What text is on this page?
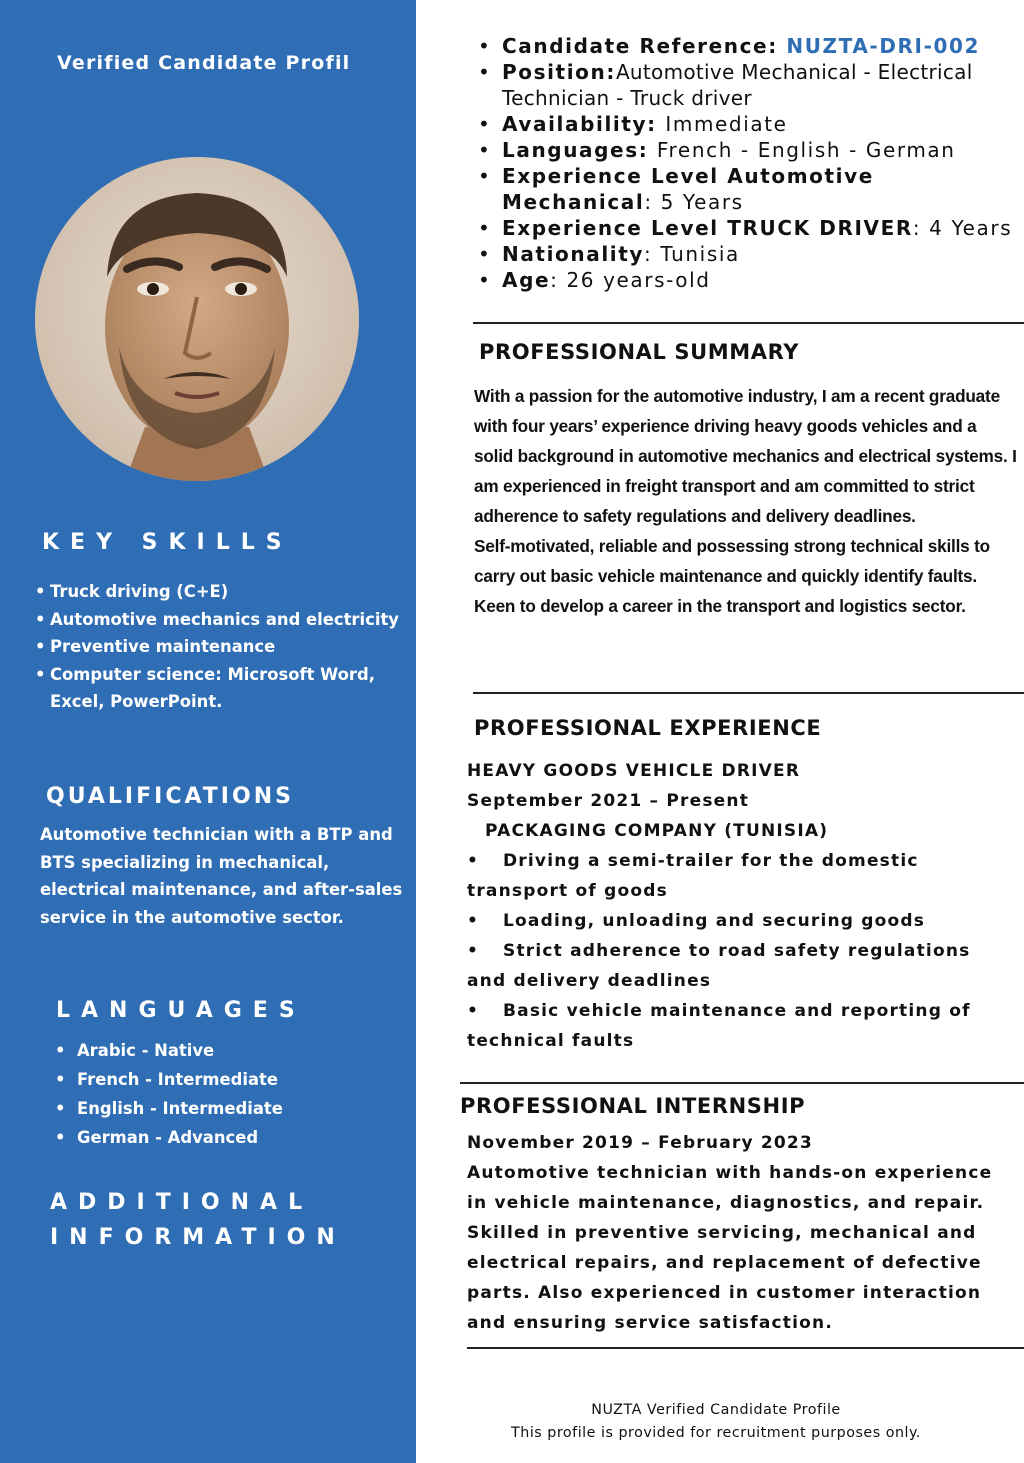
Verified Candidate Profil
KEY SKILLS
• Truck driving (C+E)
• Automotive mechanics and electricity
• Preventive maintenance
• Computer science: Microsoft Word, Excel, PowerPoint.
QUALIFICATIONS
Automotive technician with a BTP and BTS specializing in mechanical, electrical maintenance, and after-sales service in the automotive sector.
LANGUAGES
• Arabic - Native
• French - Intermediate
• English - Intermediate
• German - Advanced
ADDITIONAL
INFORMATION
• Candidate Reference: NUZTA-DRI-002
• Position:Automotive Mechanical - Electrical Technician - Truck driver
• Availability: Immediate
• Languages: French - English - German
• Experience Level Automotive Mechanical: 5 Years
• Experience Level TRUCK DRIVER: 4 Years
• Nationality: Tunisia
• Age: 26 years-old
PROFESSIONAL SUMMARY
With a passion for the automotive industry, I am a recent graduate with four years’ experience driving heavy goods vehicles and a solid background in automotive mechanics and electrical systems. I am experienced in freight transport and am committed to strict adherence to safety regulations and delivery deadlines.
Self-motivated, reliable and possessing strong technical skills to carry out basic vehicle maintenance and quickly identify faults. Keen to develop a career in the transport and logistics sector.
PROFESSIONAL EXPERIENCE
HEAVY GOODS VEHICLE DRIVER
September 2021 – Present
PACKAGING COMPANY (TUNISIA)
• Driving a semi-trailer for the domestic transport of goods
• Loading, unloading and securing goods
• Strict adherence to road safety regulations and delivery deadlines
• Basic vehicle maintenance and reporting of technical faults
PROFESSIONAL INTERNSHIP
November 2019 – February 2023
Automotive technician with hands-on experience in vehicle maintenance, diagnostics, and repair. Skilled in preventive servicing, mechanical and electrical repairs, and replacement of defective parts. Also experienced in customer interaction and ensuring service satisfaction.
NUZTA Verified Candidate Profile
This profile is provided for recruitment purposes only.
